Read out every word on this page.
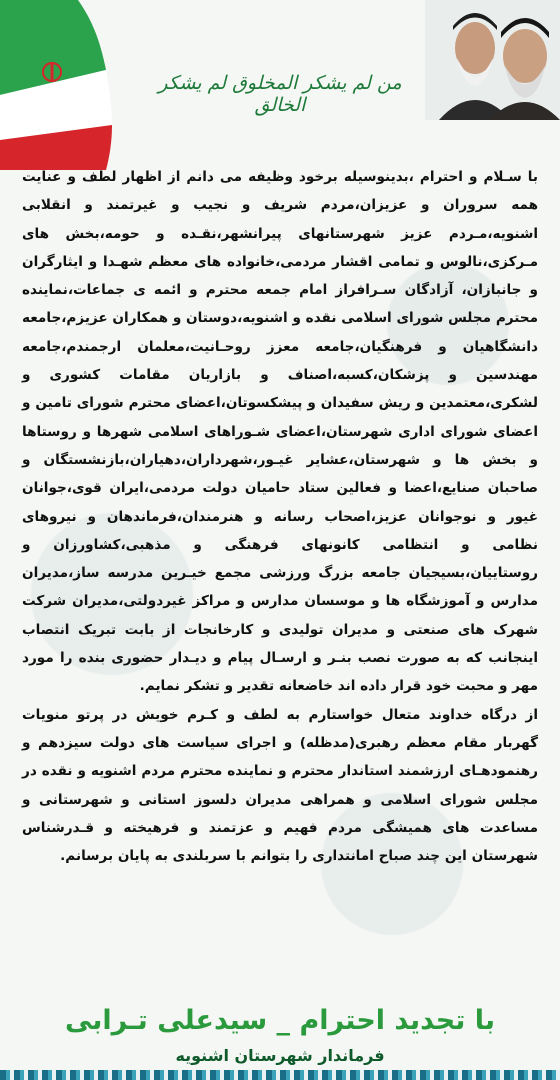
من لم یشکر المخلوق لم یشکر الخالق

با سـلام و احترام ،بدینوسیله برخود وظیفه می دانم از اظهار لطف و عنایت همه سروران و عزیزان،مردم شریف و نجیب و غیرتمند و انقلابی اشنویه،مـردم عزیز شهرستانهای پیرانشهر،نقـده و حومه،بخش های مـرکزی،نالوس و تمامی اقشار مردمی،خانواده های معظم شهـدا و ایثارگران و جانبازان، آزادگان سـرافراز امام جمعه محترم و ائمه ی جماعات،نماینده محترم مجلس شورای اسلامی نقده و اشنویه،دوستان و همکاران عزیزم،جامعه دانشگاهیان و فرهنگیان،جامعه معزز روحـانیت،معلمان ارجمندم،جامعه مهندسین و پزشکان،کسبه،اصناف و بازاریان مقامات کشوری و لشکری،معتمدین و ریش سفیدان و پیشکسوتان،اعضای محترم شورای تامین و اعضای شورای اداری شهرستان،اعضای شـوراهای اسلامی شهرها و روستاها و بخش ها و شهرستان،عشایر غیـور،شهرداران،دهیاران،بازنشستگان و صاحبان صنایع،اعضا و فعالین ستاد حامیان دولت مردمی،ایران قوی،جوانان غیور و نوجوانان عزیز،اصحاب رسانه و هنرمندان،فرماندهان و نیروهای نظامی و انتظامی کانونهای فرهنگی و مذهبی،کشاورزان و روستاییان،بسیجیان جامعه بزرگ ورزشی مجمع خیـرین مدرسه ساز،مدیران مدارس و آموزشگاه ها و موسسان مدارس و مراکز غیردولتی،مدیران شرکت شهرک های صنعتی و مدیران تولیدی و کارخانجات از بابت تبریک انتصاب اینجانب که به صورت نصب بنـر و ارسـال پیام و دیـدار حضوری بنده را مورد مهر و محبت خود قرار داده اند خاضعانه تقدیر و تشکر نمایم.

از درگاه خداوند متعال خواستارم به لطف و کـرم خویش در پرتو منویات گهربار مقام معظم رهبری(مدظله) و اجرای سیاست های دولت سیزدهم و رهنمودهـای ارزشمند استاندار محترم و نماینده محترم مردم اشنویه و نقده در مجلس شورای اسلامی و همراهی مدیران دلسوز استانی و شهرستانی و مساعدت های همیشگی مردم فهیم و عزتمند و فرهیخته و قـدرشناس شهرستان این چند صباح امانتداری را بتوانم با سربلندی به پایان برسانم.

با تجدید احترام _ سیدعلی تـرابی
فرماندار شهرستان اشنویه
